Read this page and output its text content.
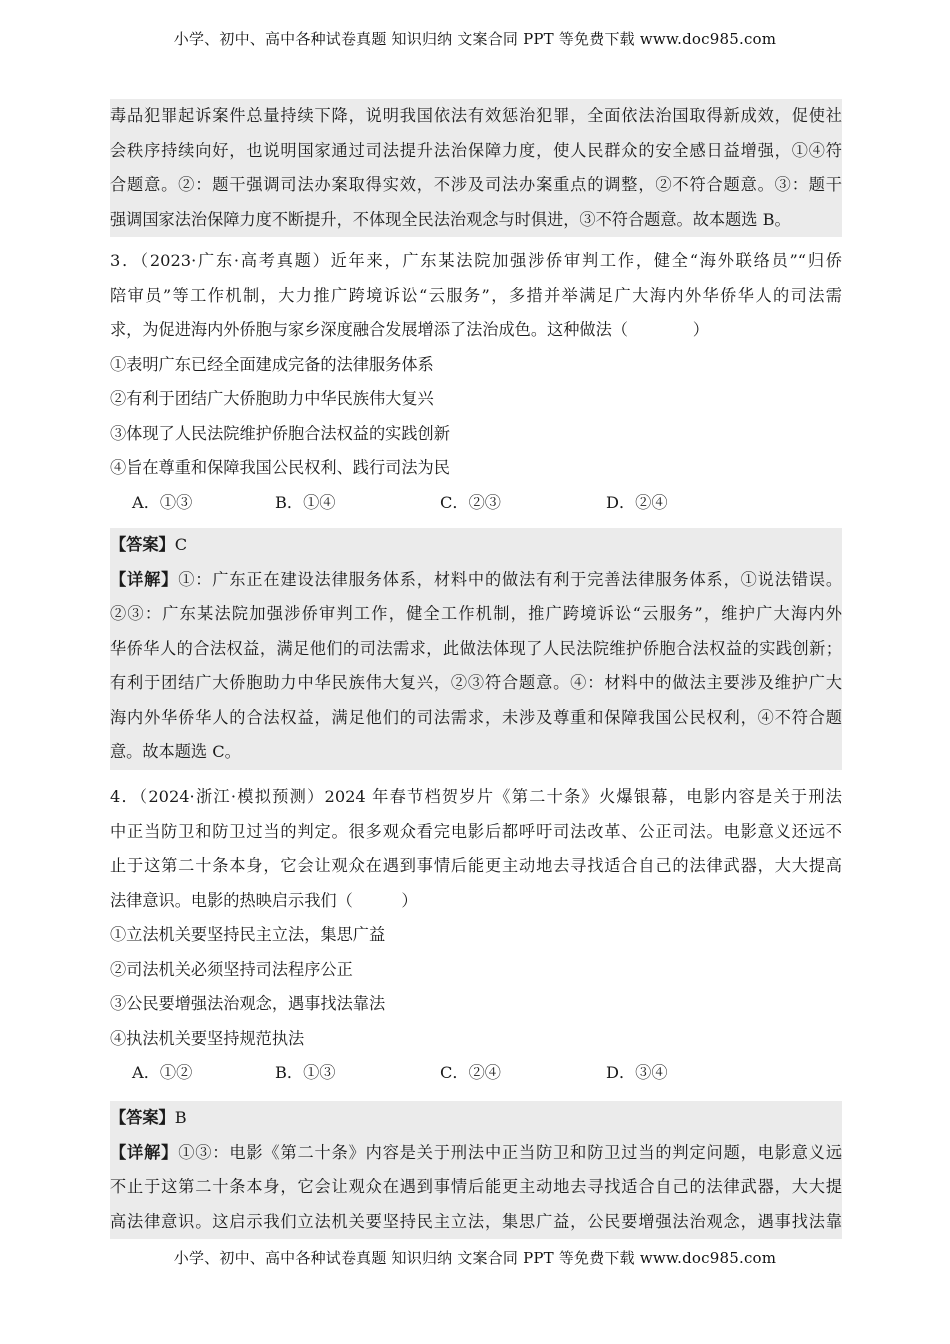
小学、初中、高中各种试卷真题 知识归纳 文案合同 PPT 等免费下载 www.doc985.com
毒品犯罪起诉案件总量持续下降，说明我国依法有效惩治犯罪，全面依法治国取得新成效，促使社
会秩序持续向好，也说明国家通过司法提升法治保障力度，使人民群众的安全感日益增强，①④符
合题意。②：题干强调司法办案取得实效，不涉及司法办案重点的调整，②不符合题意。③：题干
强调国家法治保障力度不断提升，不体现全民法治观念与时俱进，③不符合题意。故本题选 B。
3．（2023·广东·高考真题）近年来，广东某法院加强涉侨审判工作，健全“海外联络员”“归侨
陪审员”等工作机制，大力推广跨境诉讼“云服务”，多措并举满足广大海内外华侨华人的司法需
求，为促进海内外侨胞与家乡深度融合发展增添了法治成色。这种做法（　　　　）
①表明广东已经全面建成完备的法律服务体系
②有利于团结广大侨胞助力中华民族伟大复兴
③体现了人民法院维护侨胞合法权益的实践创新
④旨在尊重和保障我国公民权利、践行司法为民
A．①③	B．①④	C．②③	D．②④
【答案】C
【详解】①：广东正在建设法律服务体系，材料中的做法有利于完善法律服务体系，①说法错误。
②③：广东某法院加强涉侨审判工作，健全工作机制，推广跨境诉讼“云服务”，维护广大海内外
华侨华人的合法权益，满足他们的司法需求，此做法体现了人民法院维护侨胞合法权益的实践创新；
有利于团结广大侨胞助力中华民族伟大复兴，②③符合题意。④：材料中的做法主要涉及维护广大
海内外华侨华人的合法权益，满足他们的司法需求，未涉及尊重和保障我国公民权利，④不符合题
意。故本题选 C。
4．（2024·浙江·模拟预测）2024 年春节档贺岁片《第二十条》火爆银幕，电影内容是关于刑法
中正当防卫和防卫过当的判定。很多观众看完电影后都呼吁司法改革、公正司法。电影意义还远不
止于这第二十条本身，它会让观众在遇到事情后能更主动地去寻找适合自己的法律武器，大大提高
法律意识。电影的热映启示我们（　　　）
①立法机关要坚持民主立法，集思广益
②司法机关必须坚持司法程序公正
③公民要增强法治观念，遇事找法靠法
④执法机关要坚持规范执法
A．①②	B．①③	C．②④	D．③④
【答案】B
【详解】①③：电影《第二十条》内容是关于刑法中正当防卫和防卫过当的判定问题，电影意义远
不止于这第二十条本身，它会让观众在遇到事情后能更主动地去寻找适合自己的法律武器，大大提
高法律意识。这启示我们立法机关要坚持民主立法，集思广益，公民要增强法治观念，遇事找法靠
小学、初中、高中各种试卷真题 知识归纳 文案合同 PPT 等免费下载 www.doc985.com
